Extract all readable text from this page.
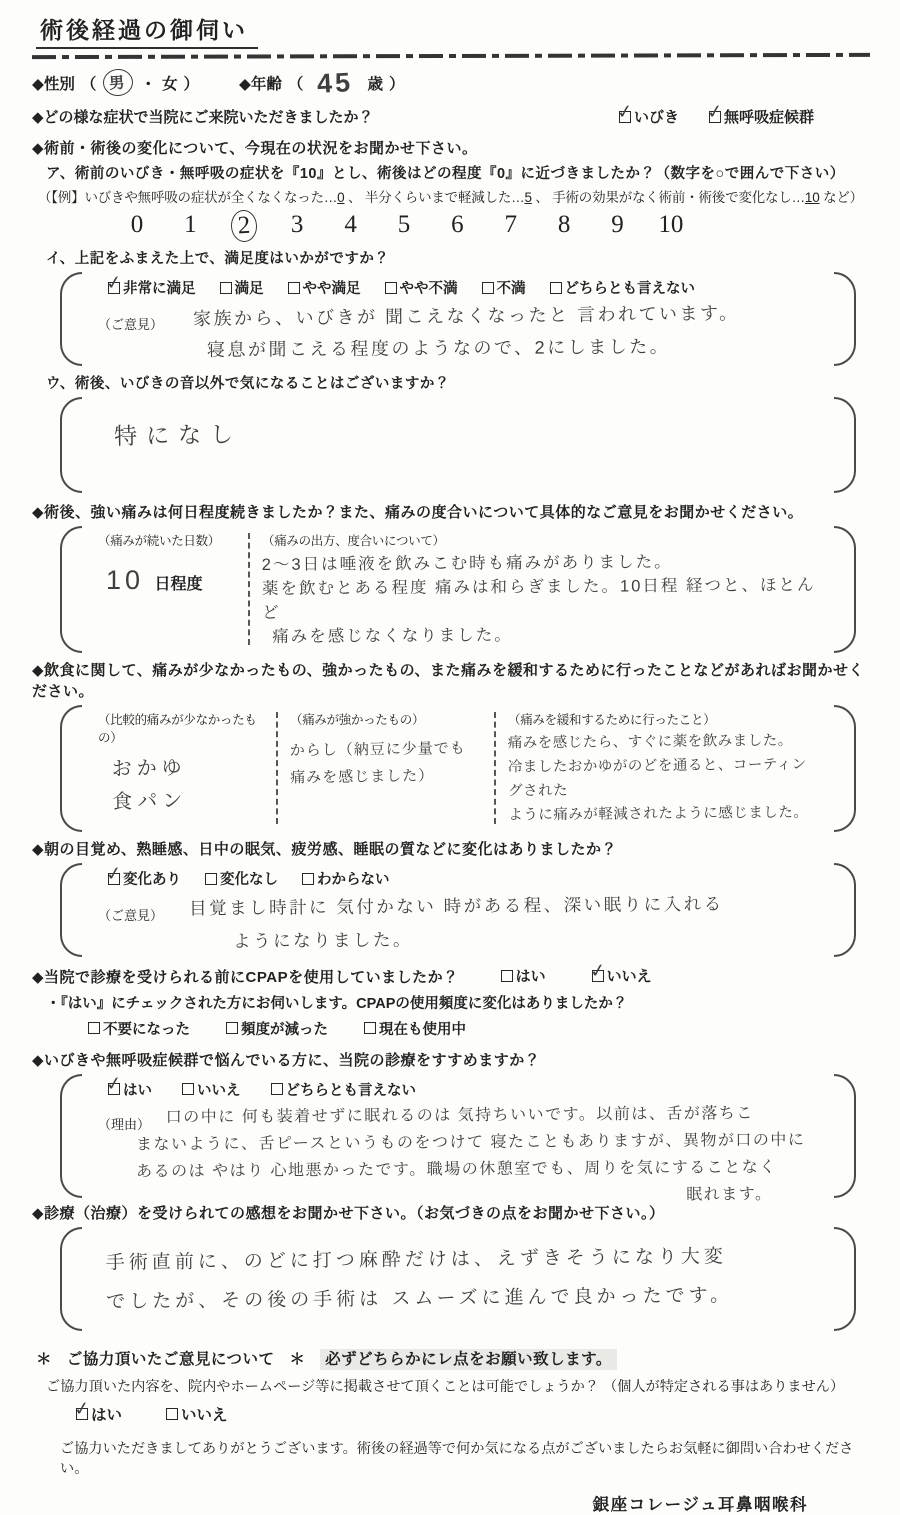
術後経過の御伺い
◆性別 （ 男 ・ 女 ）	◆年齢 （ 45 歳 ）
◆どの様な症状で当院にご来院いただきましたか？ ✓	いびき ✓	無呼吸症候群
◆術前・術後の変化について、今現在の状況をお聞かせ下さい。
ア、術前のいびき・無呼吸の症状を『10』とし、術後はどの程度『0』に近づきましたか？（数字を○で囲んで下さい）
（【例】いびきや無呼吸の症状が全くなくなった…0 、 半分くらいまで軽減した…5 、 手術の効果がなく術前・術後で変化なし…10 など）
0 1 2 3 4 5 6 7 8 9 10
イ、上記をふまえた上で、満足度はいかがですか？
✓
非常に満足	満足	やや満足	やや不満	不満	どちらとも言えない
（ご意見） 家族から、いびきが 聞こえなくなったと 言われています。
寝息が聞こえる程度のようなので、2にしました。
ウ、術後、いびきの音以外で気になることはございますか？
特になし
◆術後、強い痛みは何日程度続きましたか？また、痛みの度合いについて具体的なご意見をお聞かせください。
（痛みが続いた日数）
10 日程度
（痛みの出方、度合いについて）
2〜3日は唾液を飲みこむ時も痛みがありました。
薬を飲むとある程度 痛みは和らぎました。10日程 経つと、ほとんど
痛みを感じなくなりました。
◆飲食に関して、痛みが少なかったもの、強かったもの、また痛みを緩和するために行ったことなどがあればお聞かせください。
（比較的痛みが少なかったもの）
おかゆ
食パン
（痛みが強かったもの）
からし（納豆に少量でも
痛みを感じました）
（痛みを緩和するために行ったこと）
痛みを感じたら、すぐに薬を飲みました。
冷ましたおかゆがのどを通ると、コーティングされた
ように痛みが軽減されたように感じました。
◆朝の目覚め、熟睡感、日中の眠気、疲労感、睡眠の質などに変化はありましたか？
✓
変化あり	変化なし	わからない
（ご意見） 目覚まし時計に 気付かない 時がある程、深い眠りに入れる
ようになりました。
◆当院で診療を受けられる前にCPAPを使用していましたか？	はい ✓	いいえ
・『はい』にチェックされた方にお伺いします。CPAPの使用頻度に変化はありましたか？
不要になった	頻度が減った	現在も使用中
◆いびきや無呼吸症候群で悩んでいる方に、当院の診療をすすめますか？
✓
はい	いいえ	どちらとも言えない
（理由） 口の中に 何も装着せずに眠れるのは 気持ちいいです。以前は、舌が落ちこ
まないように、舌ピースというものをつけて 寝たこともありますが、異物が口の中に
あるのは やはり 心地悪かったです。職場の休憩室でも、周りを気にすることなく
眠れます。
◆診療（治療）を受けられての感想をお聞かせ下さい。（お気づきの点をお聞かせ下さい。）
手術直前に、のどに打つ麻酔だけは、えずきそうになり大変
でしたが、その後の手術は スムーズに進んで良かったです。
＊ ご協力頂いたご意見について ＊ 必ずどちらかにレ点をお願い致します。
ご協力頂いた内容を、院内やホームページ等に掲載させて頂くことは可能でしょうか？ （個人が特定される事はありません）
✓
はい	いいえ
ご協力いただきましてありがとうございます。術後の経過等で何か気になる点がございましたらお気軽に御問い合わせください。
銀座コレージュ耳鼻咽喉科
